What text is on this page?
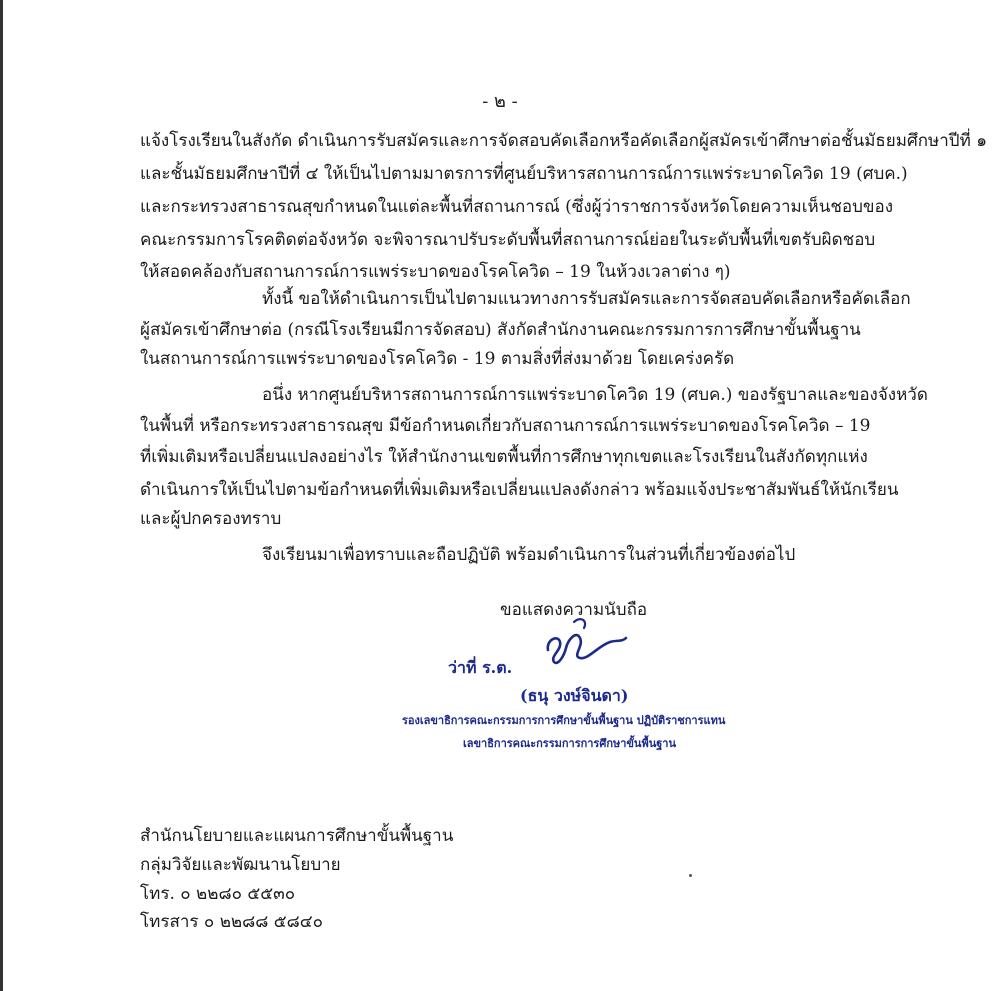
- ๒ -
แจ้งโรงเรียนในสังกัด ดำเนินการรับสมัครและการจัดสอบคัดเลือกหรือคัดเลือกผู้สมัครเข้าศึกษาต่อชั้นมัธยมศึกษาปีที่ ๑
และชั้นมัธยมศึกษาปีที่ ๔ ให้เป็นไปตามมาตรการที่ศูนย์บริหารสถานการณ์การแพร่ระบาดโควิด 19 (ศบค.)
และกระทรวงสาธารณสุขกำหนดในแต่ละพื้นที่สถานการณ์ (ซึ่งผู้ว่าราชการจังหวัดโดยความเห็นชอบของ
คณะกรรมการโรคติดต่อจังหวัด จะพิจารณาปรับระดับพื้นที่สถานการณ์ย่อยในระดับพื้นที่เขตรับผิดชอบ
ให้สอดคล้องกับสถานการณ์การแพร่ระบาดของโรคโควิด – 19 ในห้วงเวลาต่าง ๆ)
ทั้งนี้ ขอให้ดำเนินการเป็นไปตามแนวทางการรับสมัครและการจัดสอบคัดเลือกหรือคัดเลือก
ผู้สมัครเข้าศึกษาต่อ (กรณีโรงเรียนมีการจัดสอบ) สังกัดสำนักงานคณะกรรมการการศึกษาขั้นพื้นฐาน
ในสถานการณ์การแพร่ระบาดของโรคโควิด - 19 ตามสิ่งที่ส่งมาด้วย โดยเคร่งครัด
อนึ่ง หากศูนย์บริหารสถานการณ์การแพร่ระบาดโควิด 19 (ศบค.) ของรัฐบาลและของจังหวัด
ในพื้นที่ หรือกระทรวงสาธารณสุข มีข้อกำหนดเกี่ยวกับสถานการณ์การแพร่ระบาดของโรคโควิด – 19
ที่เพิ่มเติมหรือเปลี่ยนแปลงอย่างไร ให้สำนักงานเขตพื้นที่การศึกษาทุกเขตและโรงเรียนในสังกัดทุกแห่ง
ดำเนินการให้เป็นไปตามข้อกำหนดที่เพิ่มเติมหรือเปลี่ยนแปลงดังกล่าว พร้อมแจ้งประชาสัมพันธ์ให้นักเรียน
และผู้ปกครองทราบ
จึงเรียนมาเพื่อทราบและถือปฏิบัติ พร้อมดำเนินการในส่วนที่เกี่ยวข้องต่อไป
ขอแสดงความนับถือ
ว่าที่ ร.ต.
(ธนุ วงษ์จินดา)
รองเลขาธิการคณะกรรมการการศึกษาขั้นพื้นฐาน ปฏิบัติราชการแทน
เลขาธิการคณะกรรมการการศึกษาขั้นพื้นฐาน
สำนักนโยบายและแผนการศึกษาขั้นพื้นฐาน
กลุ่มวิจัยและพัฒนานโยบาย
โทร. ๐ ๒๒๘๐ ๕๕๓๐
โทรสาร ๐ ๒๒๘๘ ๕๘๔๐
